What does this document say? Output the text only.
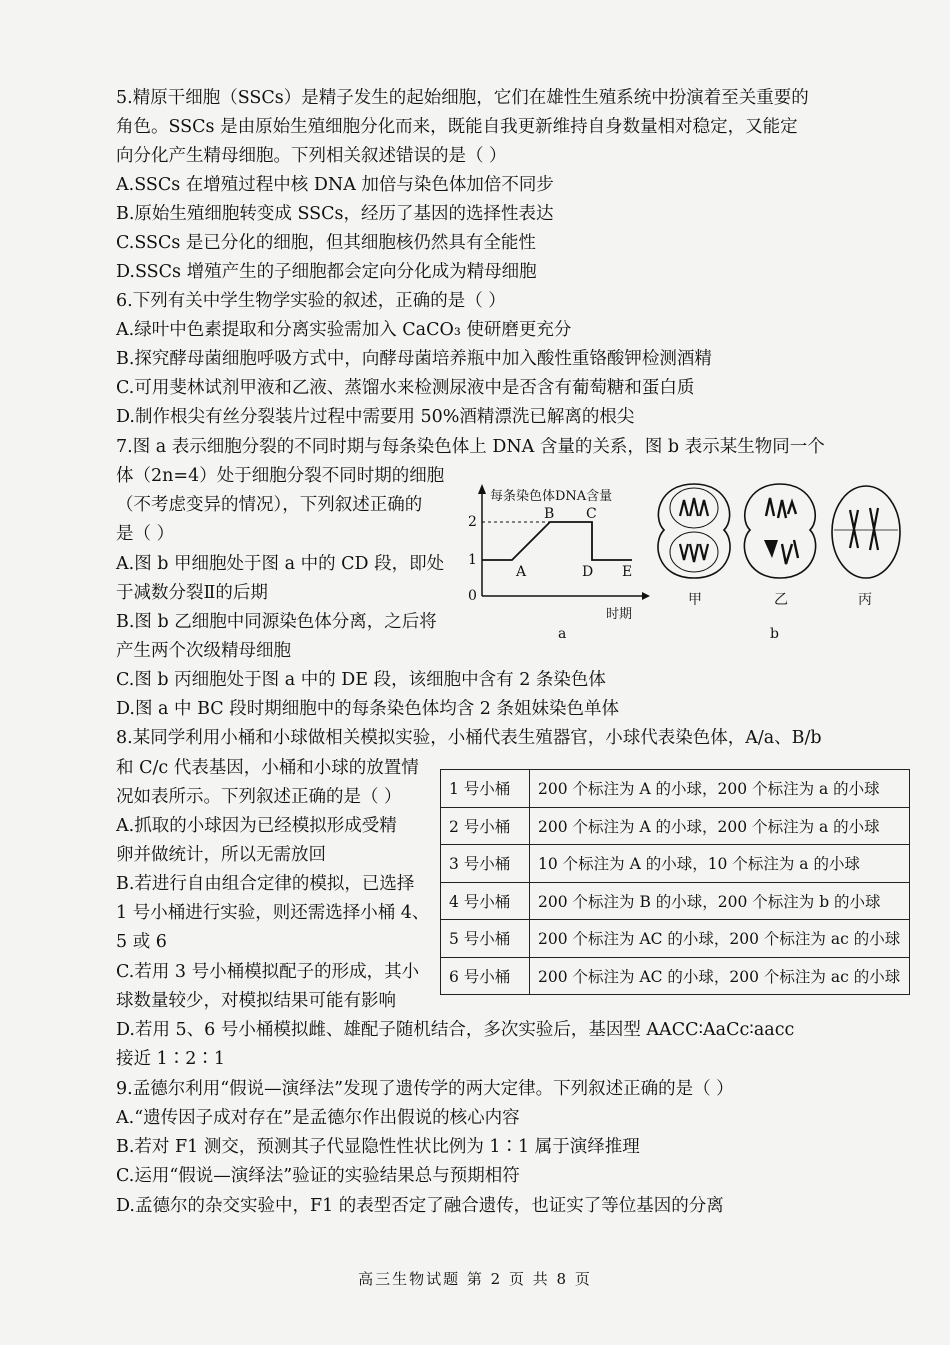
5.精原干细胞（SSCs）是精子发生的起始细胞，它们在雄性生殖系统中扮演着至关重要的
角色。SSCs 是由原始生殖细胞分化而来，既能自我更新维持自身数量相对稳定，又能定
向分化产生精母细胞。下列相关叙述错误的是（ ）
A.SSCs 在增殖过程中核 DNA 加倍与染色体加倍不同步
B.原始生殖细胞转变成 SSCs，经历了基因的选择性表达
C.SSCs 是已分化的细胞，但其细胞核仍然具有全能性
D.SSCs 增殖产生的子细胞都会定向分化成为精母细胞
6.下列有关中学生物学实验的叙述，正确的是（ ）
A.绿叶中色素提取和分离实验需加入 CaCO₃ 使研磨更充分
B.探究酵母菌细胞呼吸方式中，向酵母菌培养瓶中加入酸性重铬酸钾检测酒精
C.可用斐林试剂甲液和乙液、蒸馏水来检测尿液中是否含有葡萄糖和蛋白质
D.制作根尖有丝分裂装片过程中需要用 50%酒精漂洗已解离的根尖
7.图 a 表示细胞分裂的不同时期与每条染色体上 DNA 含量的关系，图 b 表示某生物同一个
体（2n=4）处于细胞分裂不同时期的细胞
（不考虑变异的情况），下列叙述正确的
是（ ）
A.图 b 甲细胞处于图 a 中的 CD 段，即处
于减数分裂Ⅱ的后期
B.图 b 乙细胞中同源染色体分离，之后将
产生两个次级精母细胞
C.图 b 丙细胞处于图 a 中的 DE 段，该细胞中含有 2 条染色体
D.图 a 中 BC 段时期细胞中的每条染色体均含 2 条姐妹染色单体
8.某同学利用小桶和小球做相关模拟实验，小桶代表生殖器官，小球代表染色体，A/a、B/b
和 C/c 代表基因，小桶和小球的放置情
况如表所示。下列叙述正确的是（ ）
A.抓取的小球因为已经模拟形成受精
卵并做统计，所以无需放回
B.若进行自由组合定律的模拟，已选择
1 号小桶进行实验，则还需选择小桶 4、
5 或 6
C.若用 3 号小桶模拟配子的形成，其小
球数量较少，对模拟结果可能有影响
D.若用 5、6 号小桶模拟雌、雄配子随机结合，多次实验后，基因型 AACC∶AaCc∶aacc
接近 1∶2∶1
9.孟德尔利用“假说—演绎法”发现了遗传学的两大定律。下列叙述正确的是（ ）
A.“遗传因子成对存在”是孟德尔作出假说的核心内容
B.若对 F1 测交，预测其子代显隐性性状比例为 1∶1 属于演绎推理
C.运用“假说—演绎法”验证的实验结果总与预期相符
D.孟德尔的杂交实验中，F1 的表型否定了融合遗传，也证实了等位基因的分离
每条染色体DNA含量
2
1
0
A
B C
D E
时期
a
甲	乙	丙
b
1 号小桶	200 个标注为 A 的小球，200 个标注为 a 的小球
2 号小桶	200 个标注为 A 的小球，200 个标注为 a 的小球
3 号小桶	10 个标注为 A 的小球，10 个标注为 a 的小球
4 号小桶	200 个标注为 B 的小球，200 个标注为 b 的小球
5 号小桶	200 个标注为 AC 的小球，200 个标注为 ac 的小球
6 号小桶	200 个标注为 AC 的小球，200 个标注为 ac 的小球
高三生物试题 第 2 页 共 8 页
